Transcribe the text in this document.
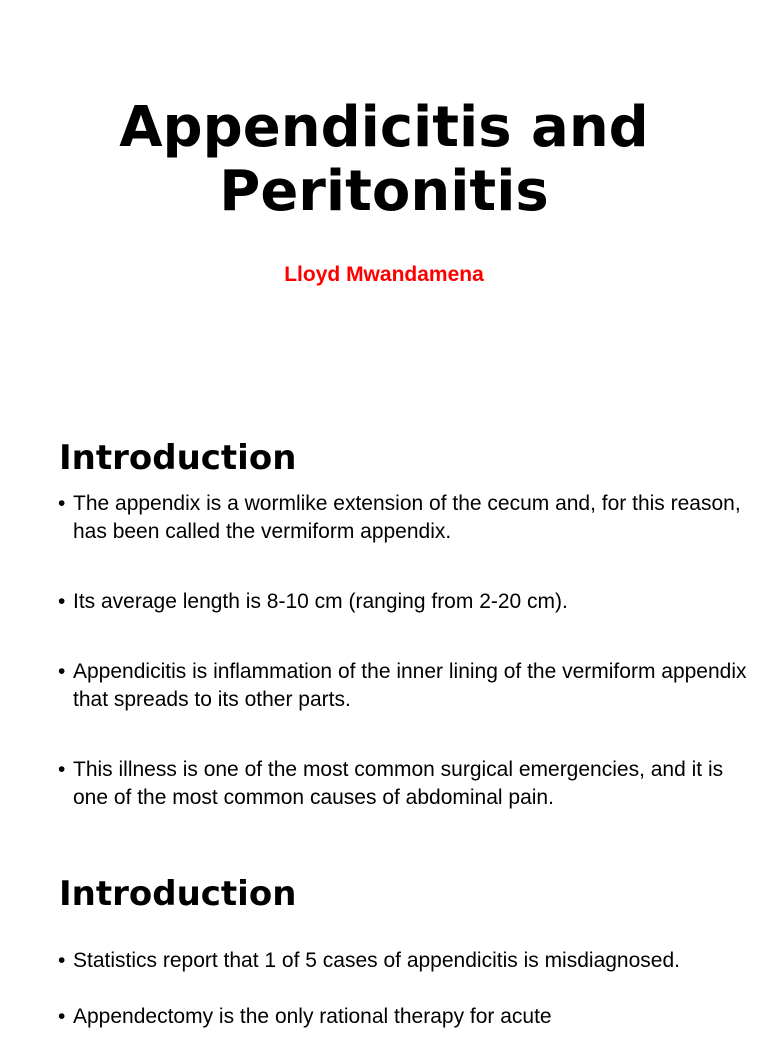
Appendicitis and
Peritonitis
Lloyd Mwandamena
Introduction
• The appendix is a wormlike extension of the cecum and, for this reason, has been called the vermiform appendix.
• Its average length is 8-10 cm (ranging from 2-20 cm).
• Appendicitis is inflammation of the inner lining of the vermiform appendix that spreads to its other parts.
• This illness is one of the most common surgical emergencies, and it is one of the most common causes of abdominal pain.
Introduction
• Statistics report that 1 of 5 cases of appendicitis is misdiagnosed.
• Appendectomy is the only rational therapy for acute
